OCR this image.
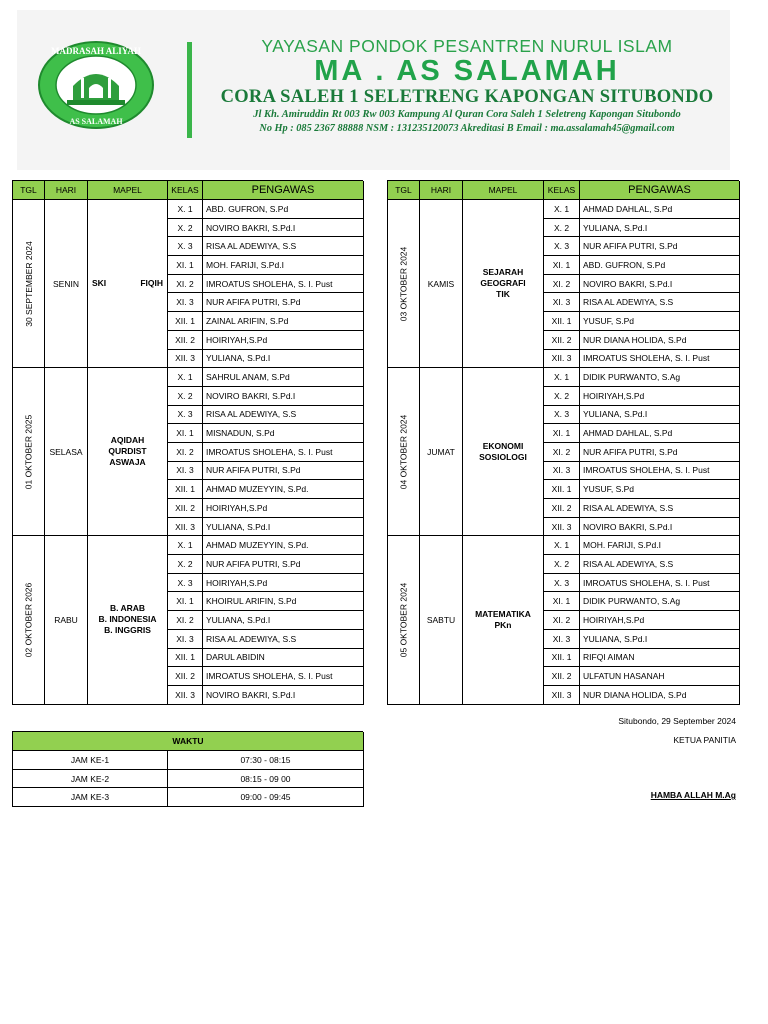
MADRASAH ALIYAH
AS SALAMAH
YAYASAN PONDOK PESANTREN NURUL ISLAM
MA . AS SALAMAH
CORA SALEH 1 SELETRENG KAPONGAN SITUBONDO
Jl Kh. Amiruddin Rt 003 Rw 003 Kampung Al Quran Cora Saleh 1 Seletreng Kapongan Situbondo
No Hp : 085 2367 88888 NSM : 131235120073 Akreditasi B Email : ma.assalamah45@gmail.com
TGL	HARI	MAPEL	KELAS	PENGAWAS
30 SEPTEMBER 2024	SENIN	SKI	FIQIH
X. 1	ABD. GUFRON, S.Pd
X. 2	NOVIRO BAKRI, S.Pd.I
X. 3	RISA AL ADEWIYA, S.S
XI. 1	MOH. FARIJI, S.Pd.I
XI. 2	IMROATUS SHOLEHA, S. I. Pust
XI. 3	NUR AFIFA PUTRI, S.Pd
XII. 1	ZAINAL ARIFIN, S.Pd
XII. 2	HOIRIYAH,S.Pd
XII. 3	YULIANA, S.Pd.I
01 OKTOBER 2025	SELASA
AQIDAH
QURDIST
ASWAJA
X. 1	SAHRUL ANAM, S.Pd
X. 2	NOVIRO BAKRI, S.Pd.I
X. 3	RISA AL ADEWIYA, S.S
XI. 1	MISNADUN, S.Pd
XI. 2	IMROATUS SHOLEHA, S. I. Pust
XI. 3	NUR AFIFA PUTRI, S.Pd
XII. 1	AHMAD MUZEYYIN, S.Pd.
XII. 2	HOIRIYAH,S.Pd
XII. 3	YULIANA, S.Pd.I
02 OKTOBER 2026	RABU
B. ARAB
B. INDONESIA
B. INGGRIS
X. 1	AHMAD MUZEYYIN, S.Pd.
X. 2	NUR AFIFA PUTRI, S.Pd
X. 3	HOIRIYAH,S.Pd
XI. 1	KHOIRUL ARIFIN, S.Pd
XI. 2	YULIANA, S.Pd.I
XI. 3	RISA AL ADEWIYA, S.S
XII. 1	DARUL ABIDIN
XII. 2	IMROATUS SHOLEHA, S. I. Pust
XII. 3	NOVIRO BAKRI, S.Pd.I
TGL	HARI	MAPEL	KELAS	PENGAWAS
03 OKTOBER 2024	KAMIS
SEJARAH
GEOGRAFI
TIK
X. 1	AHMAD DAHLAL, S.Pd
X. 2	YULIANA, S.Pd.I
X. 3	NUR AFIFA PUTRI, S.Pd
XI. 1	ABD. GUFRON, S.Pd
XI. 2	NOVIRO BAKRI, S.Pd.I
XI. 3	RISA AL ADEWIYA, S.S
XII. 1	YUSUF, S.Pd
XII. 2	NUR DIANA HOLIDA, S.Pd
XII. 3	IMROATUS SHOLEHA, S. I. Pust
04 OKTOBER 2024	JUMAT
EKONOMI
SOSIOLOGI
X. 1	DIDIK PURWANTO, S.Ag
X. 2	HOIRIYAH,S.Pd
X. 3	YULIANA, S.Pd.I
XI. 1	AHMAD DAHLAL, S.Pd
XI. 2	NUR AFIFA PUTRI, S.Pd
XI. 3	IMROATUS SHOLEHA, S. I. Pust
XII. 1	YUSUF, S.Pd
XII. 2	RISA AL ADEWIYA, S.S
XII. 3	NOVIRO BAKRI, S.Pd.I
05 OKTOBER 2024	SABTU
MATEMATIKA
PKn
X. 1	MOH. FARIJI, S.Pd.I
X. 2	RISA AL ADEWIYA, S.S
X. 3	IMROATUS SHOLEHA, S. I. Pust
XI. 1	DIDIK PURWANTO, S.Ag
XI. 2	HOIRIYAH,S.Pd
XI. 3	YULIANA, S.Pd.I
XII. 1	RIFQI AIMAN
XII. 2	ULFATUN HASANAH
XII. 3	NUR DIANA HOLIDA, S.Pd
WAKTU
JAM KE-1	07:30 - 08:15
JAM KE-2	08:15 - 09 00
JAM KE-3	09:00 - 09:45
Situbondo, 29 September 2024
KETUA PANITIA
HAMBA ALLAH M.Ag
